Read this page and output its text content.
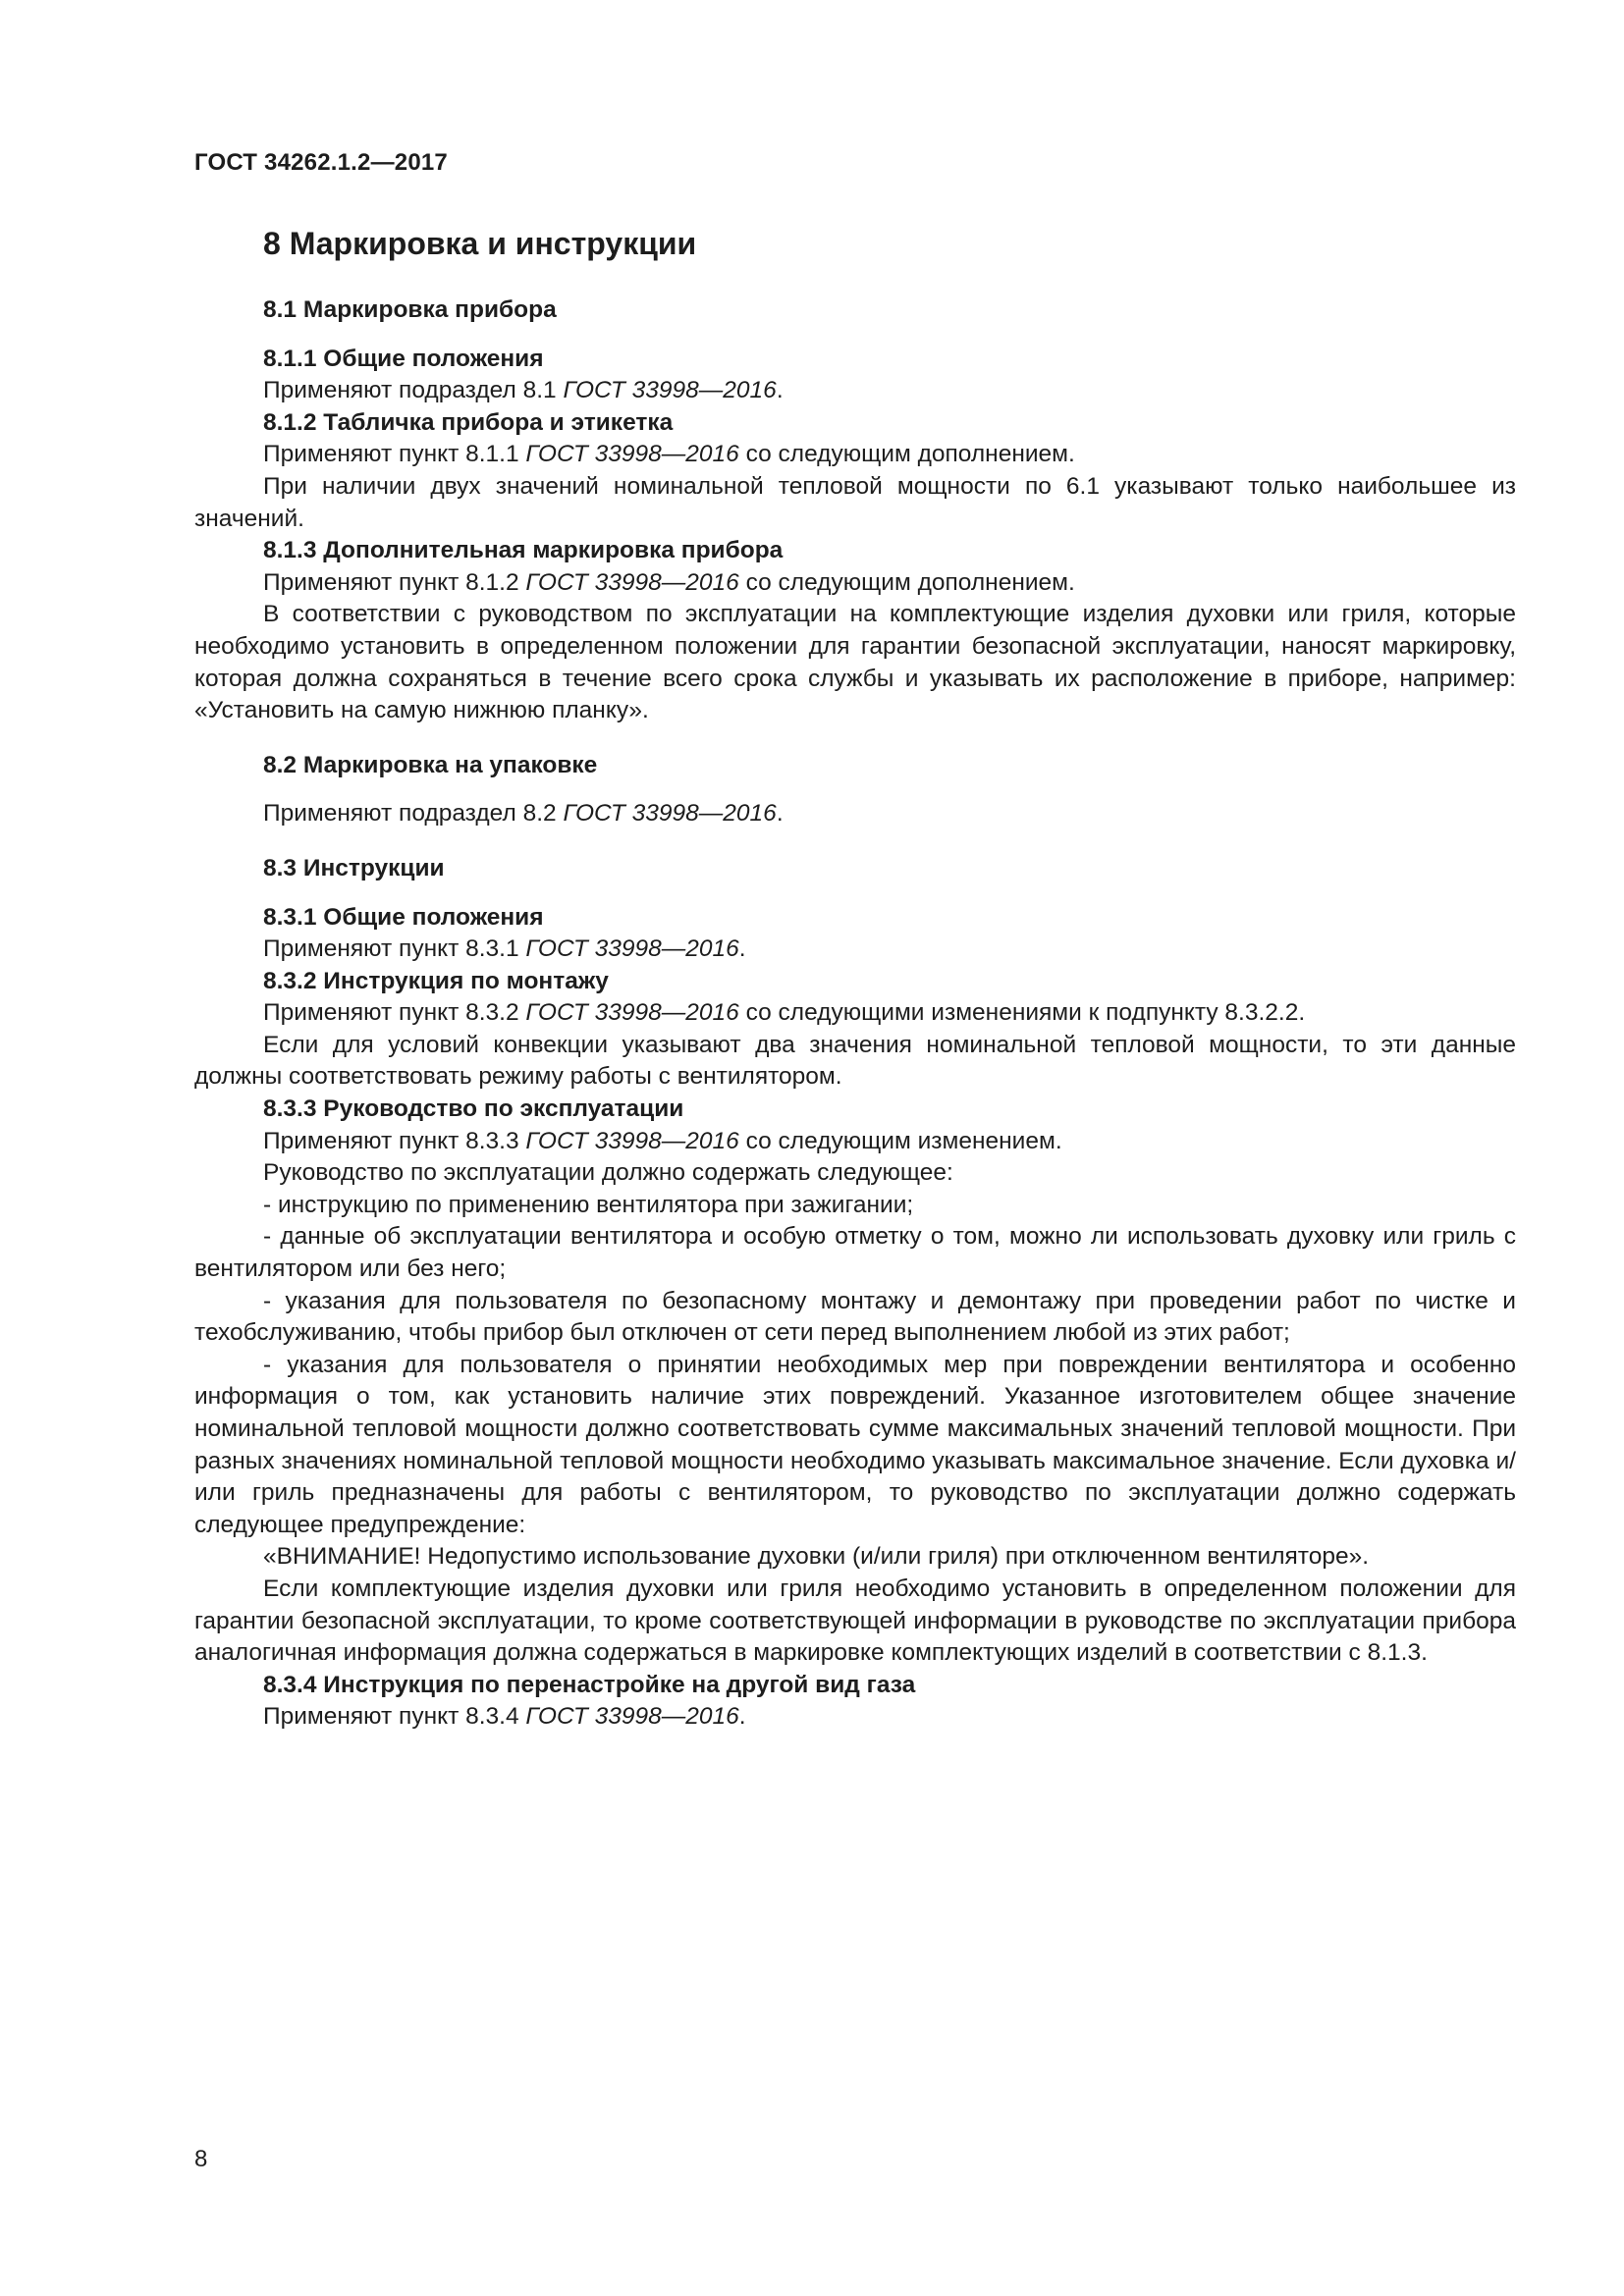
ГОСТ 34262.1.2—2017
8 Маркировка и инструкции

8.1 Маркировка прибора

8.1.1 Общие положения

Применяют подраздел 8.1 ГОСТ 33998—2016.

8.1.2 Табличка прибора и этикетка

Применяют пункт 8.1.1 ГОСТ 33998—2016 со следующим дополнением.

При наличии двух значений номинальной тепловой мощности по 6.1 указывают только наибольшее из значений.

8.1.3 Дополнительная маркировка прибора

Применяют пункт 8.1.2 ГОСТ 33998—2016 со следующим дополнением.

В соответствии с руководством по эксплуатации на комплектующие изделия духовки или гриля, которые необходимо установить в определенном положении для гарантии безопасной эксплуатации, наносят маркировку, которая должна сохраняться в течение всего срока службы и указывать их расположение в приборе, например: «Установить на самую нижнюю планку».

8.2 Маркировка на упаковке

Применяют подраздел 8.2 ГОСТ 33998—2016.

8.3 Инструкции

8.3.1 Общие положения

Применяют пункт 8.3.1 ГОСТ 33998—2016.

8.3.2 Инструкция по монтажу

Применяют пункт 8.3.2 ГОСТ 33998—2016 со следующими изменениями к подпункту 8.3.2.2.

Если для условий конвекции указывают два значения номинальной тепловой мощности, то эти данные должны соответствовать режиму работы с вентилятором.

8.3.3 Руководство по эксплуатации

Применяют пункт 8.3.3 ГОСТ 33998—2016 со следующим изменением.

Руководство по эксплуатации должно содержать следующее:

- инструкцию по применению вентилятора при зажигании;

- данные об эксплуатации вентилятора и особую отметку о том, можно ли использовать духовку или гриль с вентилятором или без него;

- указания для пользователя по безопасному монтажу и демонтажу при проведении работ по чистке и техобслуживанию, чтобы прибор был отключен от сети перед выполнением любой из этих работ;

- указания для пользователя о принятии необходимых мер при повреждении вентилятора и особенно информация о том, как установить наличие этих повреждений. Указанное изготовителем общее значение номинальной тепловой мощности должно соответствовать сумме максимальных значений тепловой мощности. При разных значениях номинальной тепловой мощности необходимо указывать максимальное значение. Если духовка и/или гриль предназначены для работы с вентилятором, то руководство по эксплуатации должно содержать следующее предупреждение:

«ВНИМАНИЕ! Недопустимо использование духовки (и/или гриля) при отключенном вентиляторе».

Если комплектующие изделия духовки или гриля необходимо установить в определенном положении для гарантии безопасной эксплуатации, то кроме соответствующей информации в руководстве по эксплуатации прибора аналогичная информация должна содержаться в маркировке комплектующих изделий в соответствии с 8.1.3.

8.3.4 Инструкция по перенастройке на другой вид газа

Применяют пункт 8.3.4 ГОСТ 33998—2016.

8
